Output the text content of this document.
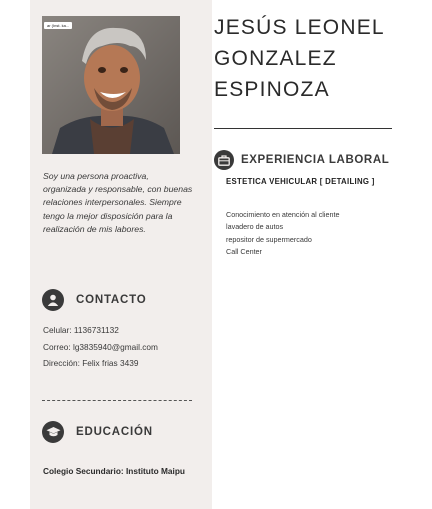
ar (Inst. ka...
Soy una persona proactiva, organizada y responsable, con buenas relaciones interpersonales. Siempre tengo la mejor disposición para la realización de mis labores.
CONTACTO
Celular: 1136731132
Correo: lg3835940@gmail.com
Dirección: Felix frias 3439
EDUCACIÓN
Colegio Secundario: Instituto Maipu
JESÚS LEONEL
GONZALEZ
ESPINOZA
EXPERIENCIA LABORAL
ESTETICA VEHICULAR [ DETAILING ]
Conocimiento en atención al cliente
lavadero de autos
repositor de supermercado
Call Center
